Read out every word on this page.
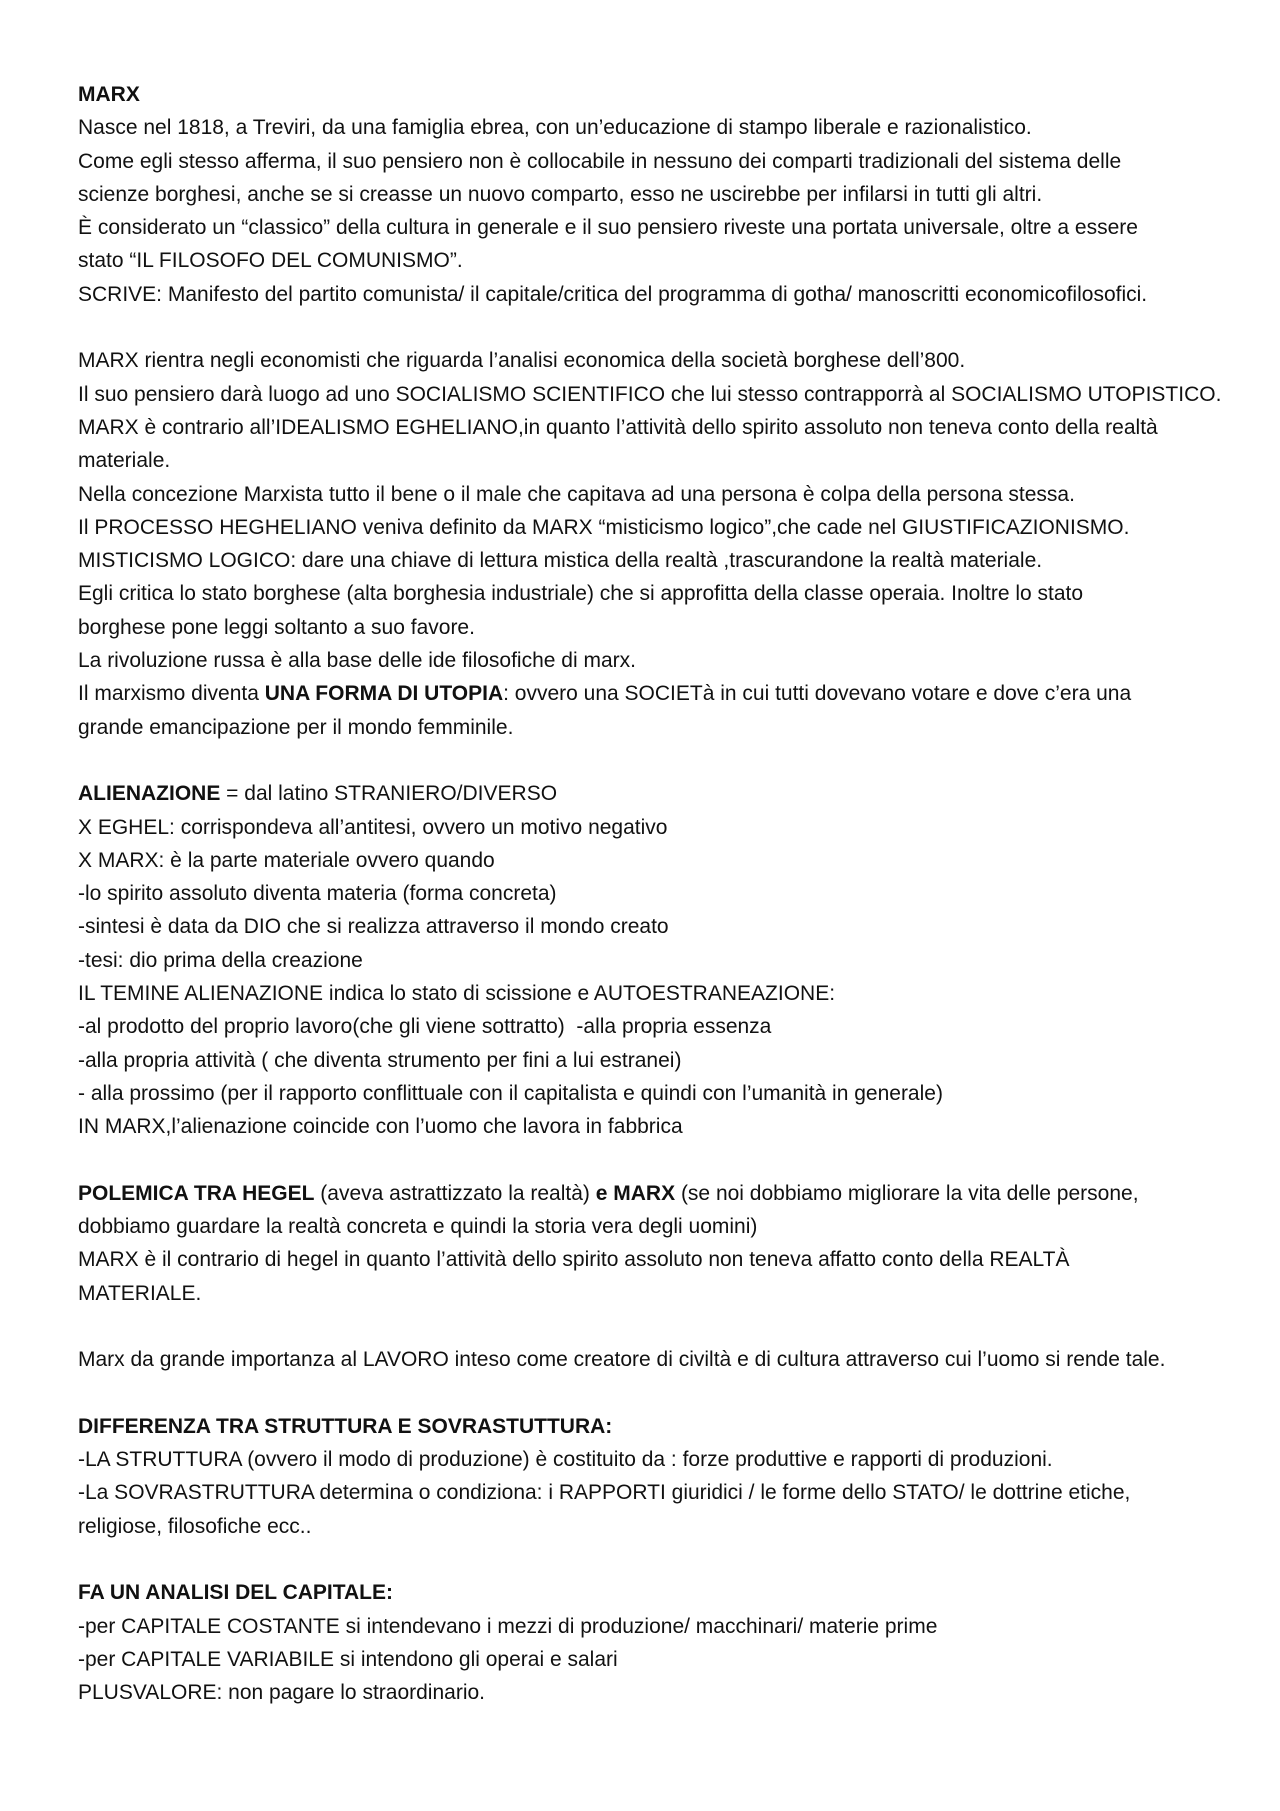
MARX
Nasce nel 1818, a Treviri, da una famiglia ebrea, con un’educazione di stampo liberale e razionalistico.
Come egli stesso afferma, il suo pensiero non è collocabile in nessuno dei comparti tradizionali del sistema delle
scienze borghesi, anche se si creasse un nuovo comparto, esso ne uscirebbe per infilarsi in tutti gli altri.
È considerato un “classico” della cultura in generale e il suo pensiero riveste una portata universale, oltre a essere
stato “IL FILOSOFO DEL COMUNISMO”.
SCRIVE: Manifesto del partito comunista/ il capitale/critica del programma di gotha/ manoscritti economicofilosofici.
MARX rientra negli economisti che riguarda l’analisi economica della società borghese dell’800.
Il suo pensiero darà luogo ad uno SOCIALISMO SCIENTIFICO che lui stesso contrapporrà al SOCIALISMO UTOPISTICO.
MARX è contrario all’IDEALISMO EGHELIANO,in quanto l’attività dello spirito assoluto non teneva conto della realtà
materiale.
Nella concezione Marxista tutto il bene o il male che capitava ad una persona è colpa della persona stessa.
Il PROCESSO HEGHELIANO veniva definito da MARX “misticismo logico”,che cade nel GIUSTIFICAZIONISMO.
MISTICISMO LOGICO: dare una chiave di lettura mistica della realtà ,trascurandone la realtà materiale.
Egli critica lo stato borghese (alta borghesia industriale) che si approfitta della classe operaia. Inoltre lo stato
borghese pone leggi soltanto a suo favore.
La rivoluzione russa è alla base delle ide filosofiche di marx.
Il marxismo diventa UNA FORMA DI UTOPIA: ovvero una SOCIETà in cui tutti dovevano votare e dove c’era una
grande emancipazione per il mondo femminile.
ALIENAZIONE = dal latino STRANIERO/DIVERSO
X EGHEL: corrispondeva all’antitesi, ovvero un motivo negativo
X MARX: è la parte materiale ovvero quando
-lo spirito assoluto diventa materia (forma concreta)
-sintesi è data da DIO che si realizza attraverso il mondo creato
-tesi: dio prima della creazione
IL TEMINE ALIENAZIONE indica lo stato di scissione e AUTOESTRANEAZIONE:
-al prodotto del proprio lavoro(che gli viene sottratto)  -alla propria essenza
-alla propria attività ( che diventa strumento per fini a lui estranei)
- alla prossimo (per il rapporto conflittuale con il capitalista e quindi con l’umanità in generale)
IN MARX,l’alienazione coincide con l’uomo che lavora in fabbrica
POLEMICA TRA HEGEL (aveva astrattizzato la realtà) e MARX (se noi dobbiamo migliorare la vita delle persone,
dobbiamo guardare la realtà concreta e quindi la storia vera degli uomini)
MARX è il contrario di hegel in quanto l’attività dello spirito assoluto non teneva affatto conto della REALTÀ
MATERIALE.
Marx da grande importanza al LAVORO inteso come creatore di civiltà e di cultura attraverso cui l’uomo si rende tale.
DIFFERENZA TRA STRUTTURA E SOVRASTUTTURA:
-LA STRUTTURA (ovvero il modo di produzione) è costituito da : forze produttive e rapporti di produzioni.
-La SOVRASTRUTTURA determina o condiziona: i RAPPORTI giuridici / le forme dello STATO/ le dottrine etiche,
religiose, filosofiche ecc..
FA UN ANALISI DEL CAPITALE:
-per CAPITALE COSTANTE si intendevano i mezzi di produzione/ macchinari/ materie prime
-per CAPITALE VARIABILE si intendono gli operai e salari
PLUSVALORE: non pagare lo straordinario.
